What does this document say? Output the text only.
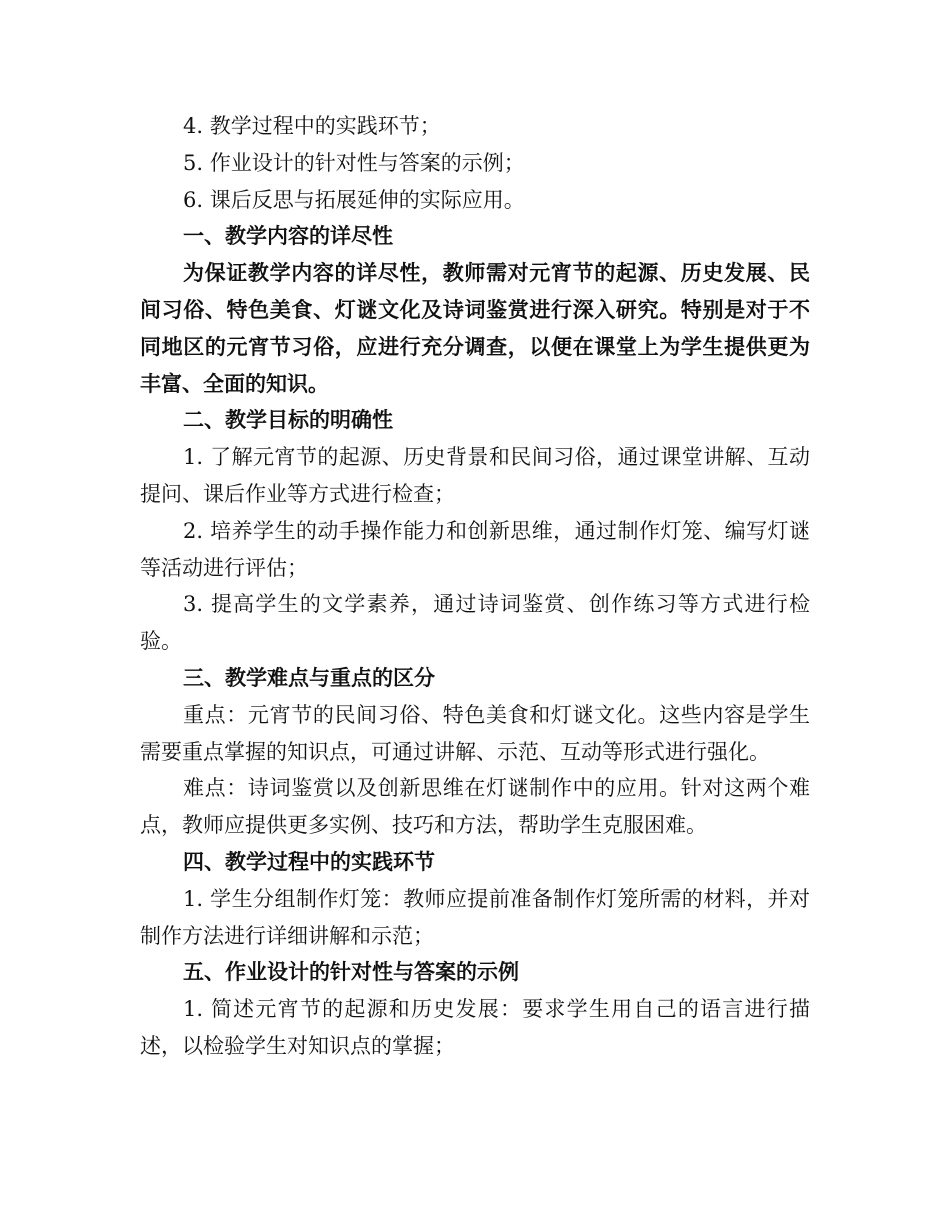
4. 教学过程中的实践环节；

5. 作业设计的针对性与答案的示例；

6. 课后反思与拓展延伸的实际应用。

一、教学内容的详尽性

为保证教学内容的详尽性，教师需对元宵节的起源、历史发展、民间习俗、特色美食、灯谜文化及诗词鉴赏进行深入研究。特别是对于不同地区的元宵节习俗，应进行充分调查，以便在课堂上为学生提供更为丰富、全面的知识。

二、教学目标的明确性

1. 了解元宵节的起源、历史背景和民间习俗，通过课堂讲解、互动提问、课后作业等方式进行检查；

2. 培养学生的动手操作能力和创新思维，通过制作灯笼、编写灯谜等活动进行评估；

3. 提高学生的文学素养，通过诗词鉴赏、创作练习等方式进行检验。

三、教学难点与重点的区分

重点：元宵节的民间习俗、特色美食和灯谜文化。这些内容是学生需要重点掌握的知识点，可通过讲解、示范、互动等形式进行强化。

难点：诗词鉴赏以及创新思维在灯谜制作中的应用。针对这两个难点，教师应提供更多实例、技巧和方法，帮助学生克服困难。

四、教学过程中的实践环节

1. 学生分组制作灯笼：教师应提前准备制作灯笼所需的材料，并对制作方法进行详细讲解和示范；

五、作业设计的针对性与答案的示例

1. 简述元宵节的起源和历史发展：要求学生用自己的语言进行描述，以检验学生对知识点的掌握；
